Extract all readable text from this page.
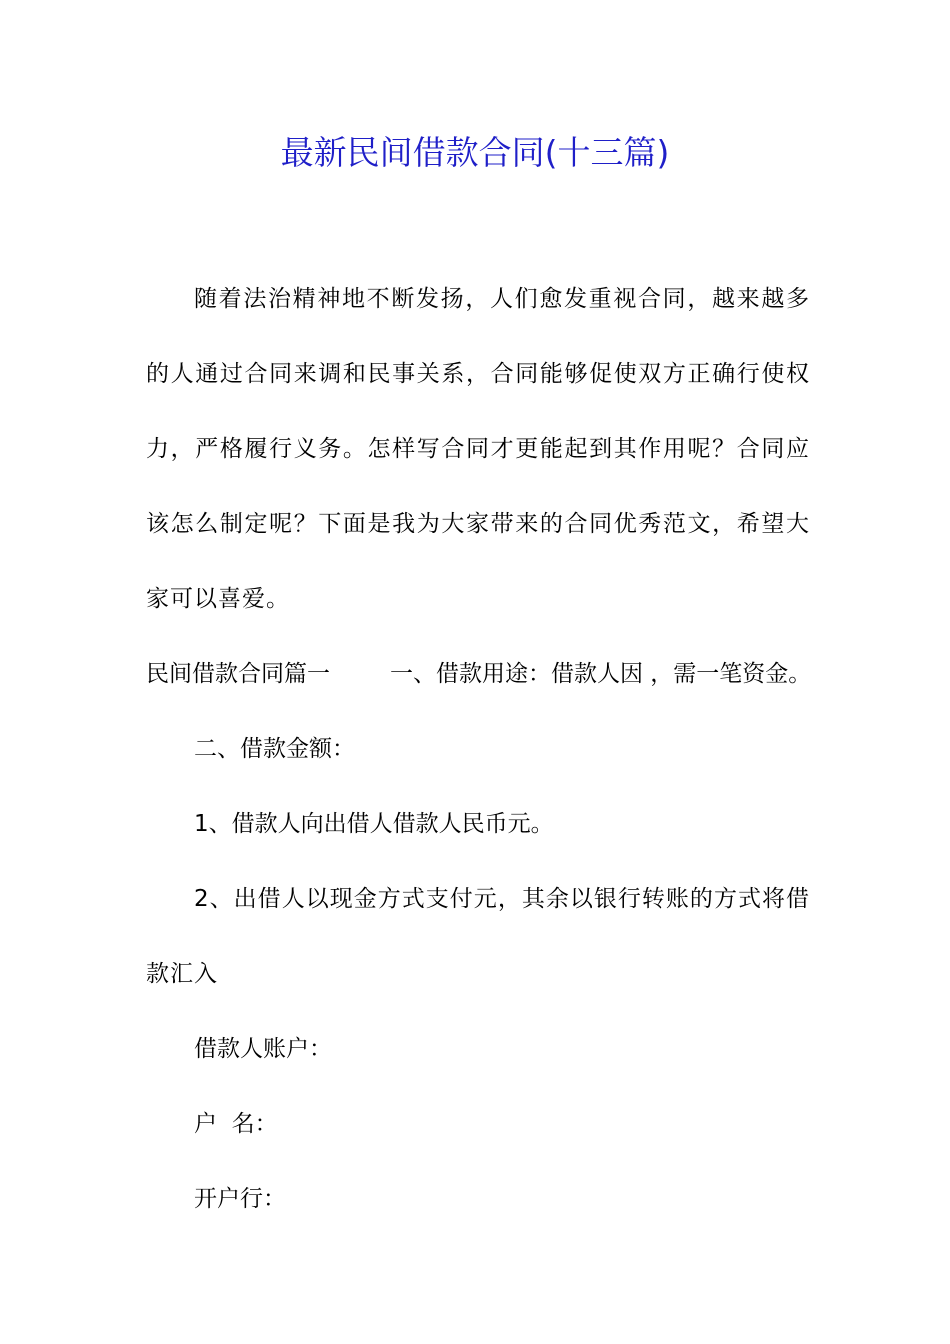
最新民间借款合同(十三篇)

随着法治精神地不断发扬，人们愈发重视合同，越来越多的人通过合同来调和民事关系，合同能够促使双方正确行使权力，严格履行义务。怎样写合同才更能起到其作用呢？合同应该怎么制定呢？下面是我为大家带来的合同优秀范文，希望大家可以喜爱。

民间借款合同篇一	一、借款用途：借款人因 ，需一笔资金。

二、借款金额：

1、借款人向出借人借款人民币元。

2、出借人以现金方式支付元，其余以银行转账的方式将借款汇入

借款人账户：

户  名：

开户行：
